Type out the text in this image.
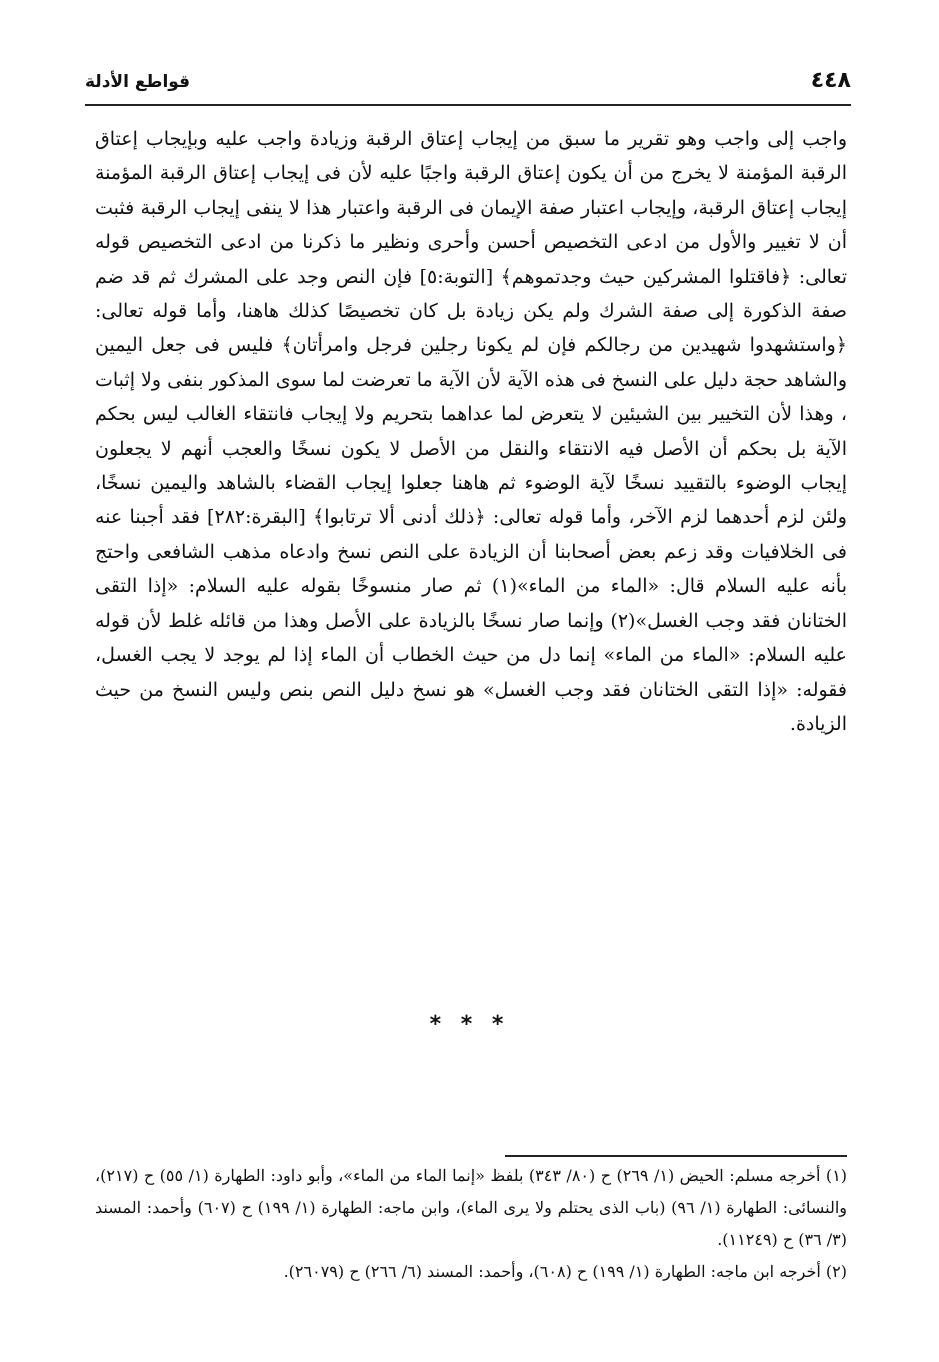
٤٤٨
قواطع الأدلة

واجب إلى واجب وهو تقرير ما سبق من إيجاب إعتاق الرقبة وزيادة واجب عليه وبإيجاب إعتاق الرقبة المؤمنة لا يخرج من أن يكون إعتاق الرقبة واجبًا عليه لأن فى إيجاب إعتاق الرقبة المؤمنة إيجاب إعتاق الرقبة، وإيجاب اعتبار صفة الإيمان فى الرقبة واعتبار هذا لا ينفى إيجاب الرقبة فثبت أن لا تغيير والأول من ادعى التخصيص أحسن وأحرى ونظير ما ذكرنا من ادعى التخصيص قوله تعالى: ﴿فاقتلوا المشركين حيث وجدتموهم﴾ [التوبة:٥] فإن النص وجد على المشرك ثم قد ضم صفة الذكورة إلى صفة الشرك ولم يكن زيادة بل كان تخصيصًا كذلك هاهنا، وأما قوله تعالى: ﴿واستشهدوا شهيدين من رجالكم فإن لم يكونا رجلين فرجل وامرأتان﴾ فليس فى جعل اليمين والشاهد حجة دليل على النسخ فى هذه الآية لأن الآية ما تعرضت لما سوى المذكور بنفى ولا إثبات ، وهذا لأن التخيير بين الشيئين لا يتعرض لما عداهما بتحريم ولا إيجاب فانتقاء الغالب ليس بحكم الآية بل بحكم أن الأصل فيه الانتقاء والنقل من الأصل لا يكون نسخًا والعجب أنهم لا يجعلون إيجاب الوضوء بالتقييد نسخًا لآية الوضوء ثم هاهنا جعلوا إيجاب القضاء بالشاهد واليمين نسخًا، ولئن لزم أحدهما لزم الآخر، وأما قوله تعالى: ﴿ذلك أدنى ألا ترتابوا﴾ [البقرة:٢٨٢] فقد أجبنا عنه فى الخلافيات وقد زعم بعض أصحابنا أن الزيادة على النص نسخ وادعاه مذهب الشافعى واحتج بأنه عليه السلام قال: «الماء من الماء»(١) ثم صار منسوخًا بقوله عليه السلام: «إذا التقى الختانان فقد وجب الغسل»(٢) وإنما صار نسخًا بالزيادة على الأصل وهذا من قائله غلط لأن قوله عليه السلام: «الماء من الماء» إنما دل من حيث الخطاب أن الماء إذا لم يوجد لا يجب الغسل، فقوله: «إذا التقى الختانان فقد وجب الغسل» هو نسخ دليل النص بنص وليس النسخ من حيث الزيادة.

* * *

(١) أخرجه مسلم: الحيض (١/ ٢٦٩) ح (٨٠/ ٣٤٣) بلفظ «إنما الماء من الماء»، وأبو داود: الطهارة (١/ ٥٥) ح (٢١٧)، والنسائى: الطهارة (١/ ٩٦) (باب الذى يحتلم ولا يرى الماء)، وابن ماجه: الطهارة (١/ ١٩٩) ح (٦٠٧) وأحمد: المسند (٣/ ٣٦) ح (١١٢٤٩).

(٢) أخرجه ابن ماجه: الطهارة (١/ ١٩٩) ح (٦٠٨)، وأحمد: المسند (٦/ ٢٦٦) ح (٢٦٠٧٩).
